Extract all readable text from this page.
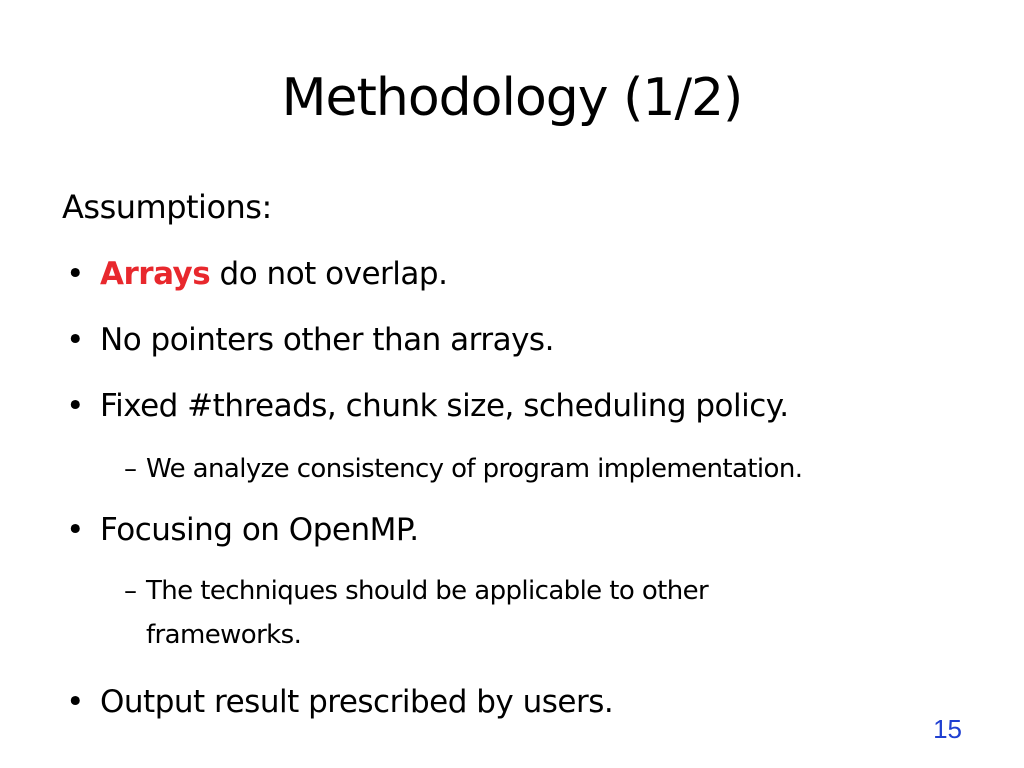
Methodology (1/2)
Assumptions:
• Arrays do not overlap.
• No pointers other than arrays.
• Fixed #threads, chunk size, scheduling policy.
– We analyze consistency of program implementation.
• Focusing on OpenMP.
– The techniques should be applicable to other
frameworks.
• Output result prescribed by users.
15
